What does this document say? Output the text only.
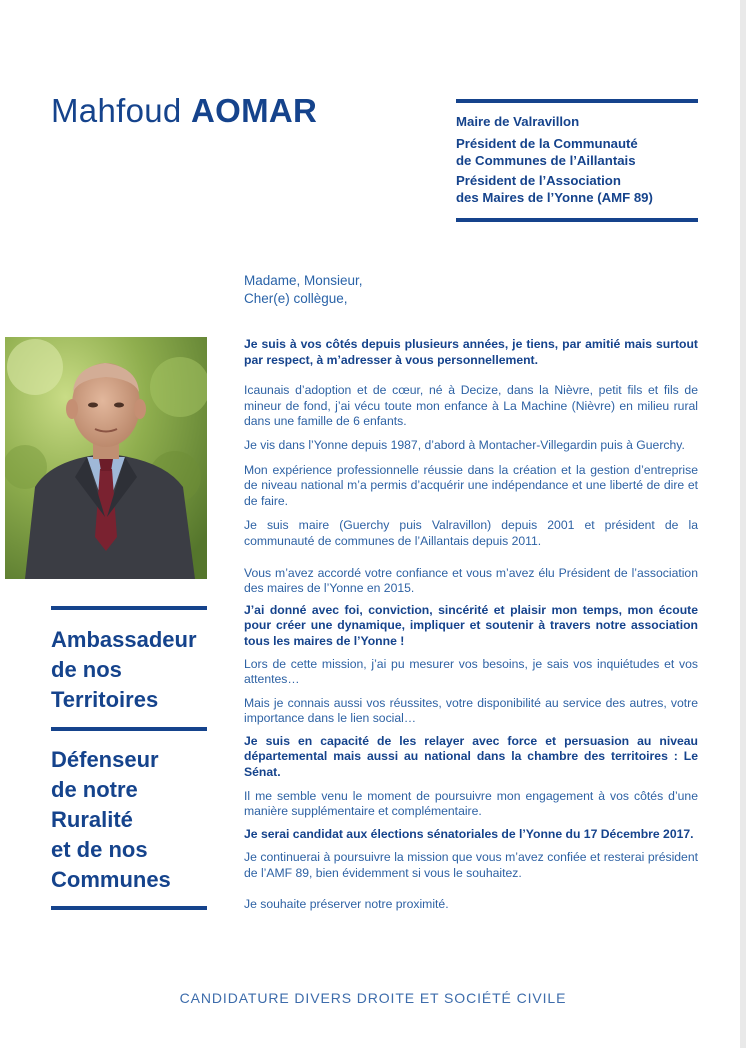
Mahfoud AOMAR	Maire de Valravillon
Président de la Communauté
de Communes de l’Aillantais
Président de l’Association
des Maires de l’Yonne (AMF 89)
Madame, Monsieur,
Cher(e) collègue,

Je suis à vos côtés depuis plusieurs années, je tiens, par amitié mais surtout par respect, à m’adresser à vous personnellement.

Icaunais d’adoption et de cœur, né à Decize, dans la Nièvre, petit fils et fils de mineur de fond, j’ai vécu toute mon enfance à La Machine (Nièvre) en milieu rural dans une famille de 6 enfants.

Je vis dans l’Yonne depuis 1987, d’abord à Montacher-Villegardin puis à Guerchy.

Mon expérience professionnelle réussie dans la création et la gestion d’entreprise de niveau national m’a permis d’acquérir une indépendance et une liberté de dire et de faire.

Je suis maire (Guerchy puis Valravillon) depuis 2001 et président de la communauté de communes de l’Aillantais depuis 2011.

Vous m’avez accordé votre confiance et vous m’avez élu Président de l’association des maires de l’Yonne en 2015.

J’ai donné avec foi, conviction, sincérité et plaisir mon temps, mon écoute pour créer une dynamique, impliquer et soutenir à travers notre association tous les maires de l’Yonne !

Lors de cette mission, j’ai pu mesurer vos besoins, je sais vos inquiétudes et vos attentes…

Mais je connais aussi vos réussites, votre disponibilité au service des autres, votre importance dans le lien social…

Je suis en capacité de les relayer avec force et persuasion au niveau départemental mais aussi au national dans la chambre des territoires : Le Sénat.

Il me semble venu le moment de poursuivre mon engagement à vos côtés d’une manière supplémentaire et complémentaire.

Je serai candidat aux élections sénatoriales de l’Yonne du 17 Décembre 2017.

Je continuerai à poursuivre la mission que vous m’avez confiée et resterai président de l’AMF 89, bien évidemment si vous le souhaitez.

Je souhaite préserver notre proximité.

Ambassadeur
de nos
Territoires
Défenseur
de notre
Ruralité
et de nos
Communes
CANDIDATURE DIVERS DROITE ET SOCIÉTÉ CIVILE
